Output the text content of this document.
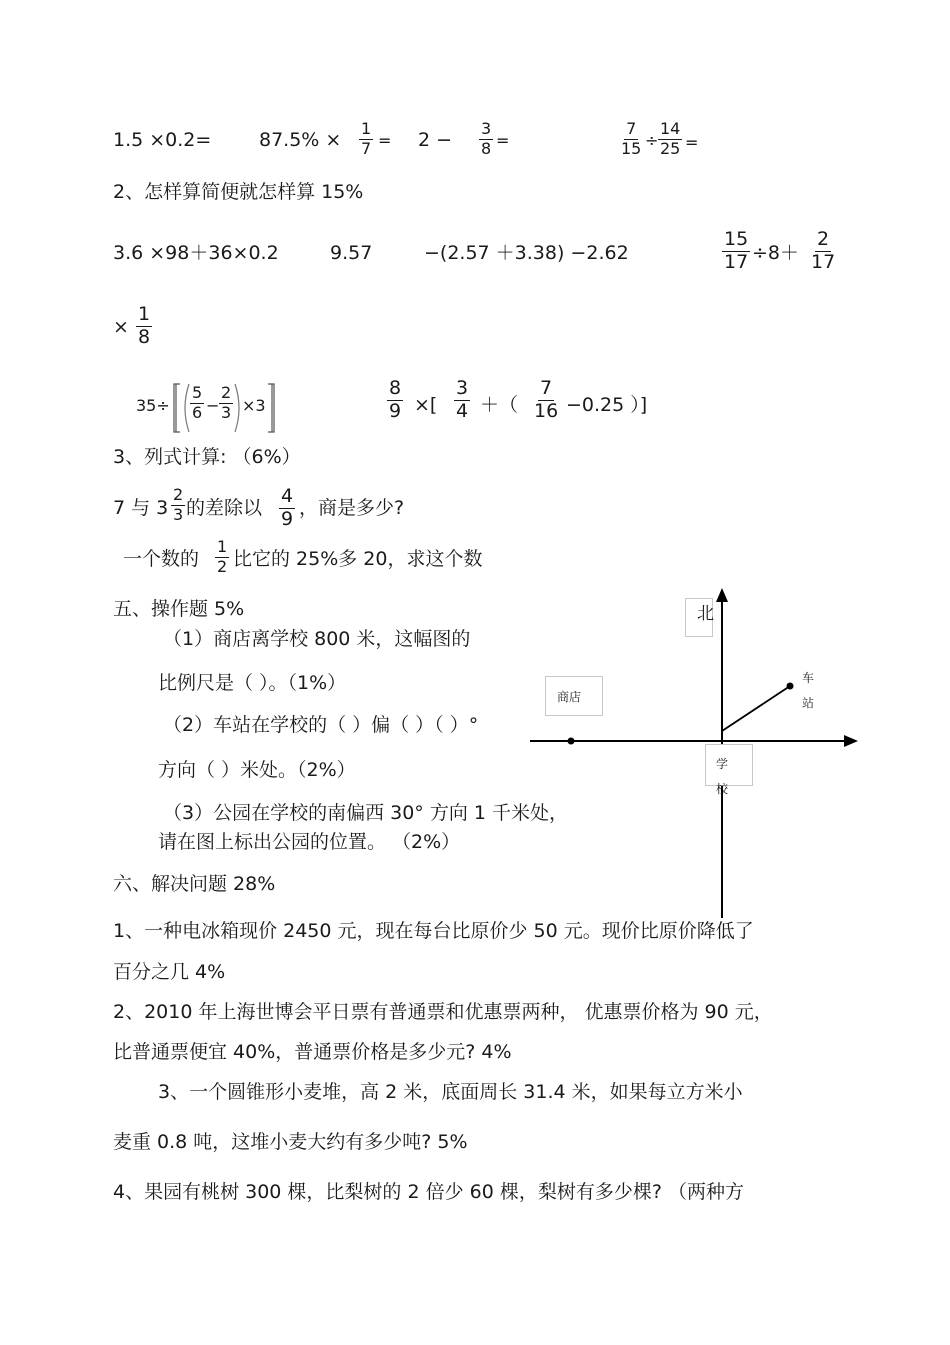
1.5 ×0.2=	$87.5\% \times \frac{1}{7} = 2 - \frac{3}{8}$ =	$\frac{7}{15} \div \frac{14}{25}$ =
2、怎样算简便就怎样算 15%
3.6 ×98＋36×0.2	9.57	−(2.57 ＋3.38) −2.62	$\frac{15}{17} \div 8+ \frac{2}{17}$
× $\frac{1}{8}$
$35\div \frac{5}{6} - \frac{2}{3} \times 3$	$\frac{8}{9}$ ×[ $\frac{3}{4}$ ＋（ $\frac{7}{16} -0.25$ ）]
3、列式计算: （6%）
7 与 $3 \frac{2}{3}$ 的差除以 $\frac{4}{9}$ ，商是多少?
一个数的 $\frac{1}{2}$ 比它的 25%多 20，求这个数
五、操作题 5%
（1）商店离学校 800 米，这幅图的
比例尺是（ ）。（1%）
（2）车站在学校的（ ）偏（ ）（ ）°
方向（ ）米处。（2%）
（3）公园在学校的南偏西 30° 方向 1 千米处，
请在图上标出公园的位置。 （2%）
北
商店
车
站
学
校
六、解决问题 28%
1、一种电冰箱现价 2450 元，现在每台比原价少 50 元。现价比原价降低了
百分之几 4%
2、2010 年上海世博会平日票有普通票和优惠票两种， 优惠票价格为 90 元，
比普通票便宜 40%，普通票价格是多少元? 4%
3、一个圆锥形小麦堆，高 2 米，底面周长 31.4 米，如果每立方米小
麦重 0.8 吨，这堆小麦大约有多少吨? 5%
4、果园有桃树 300 棵，比梨树的 2 倍少 60 棵，梨树有多少棵? （两种方
